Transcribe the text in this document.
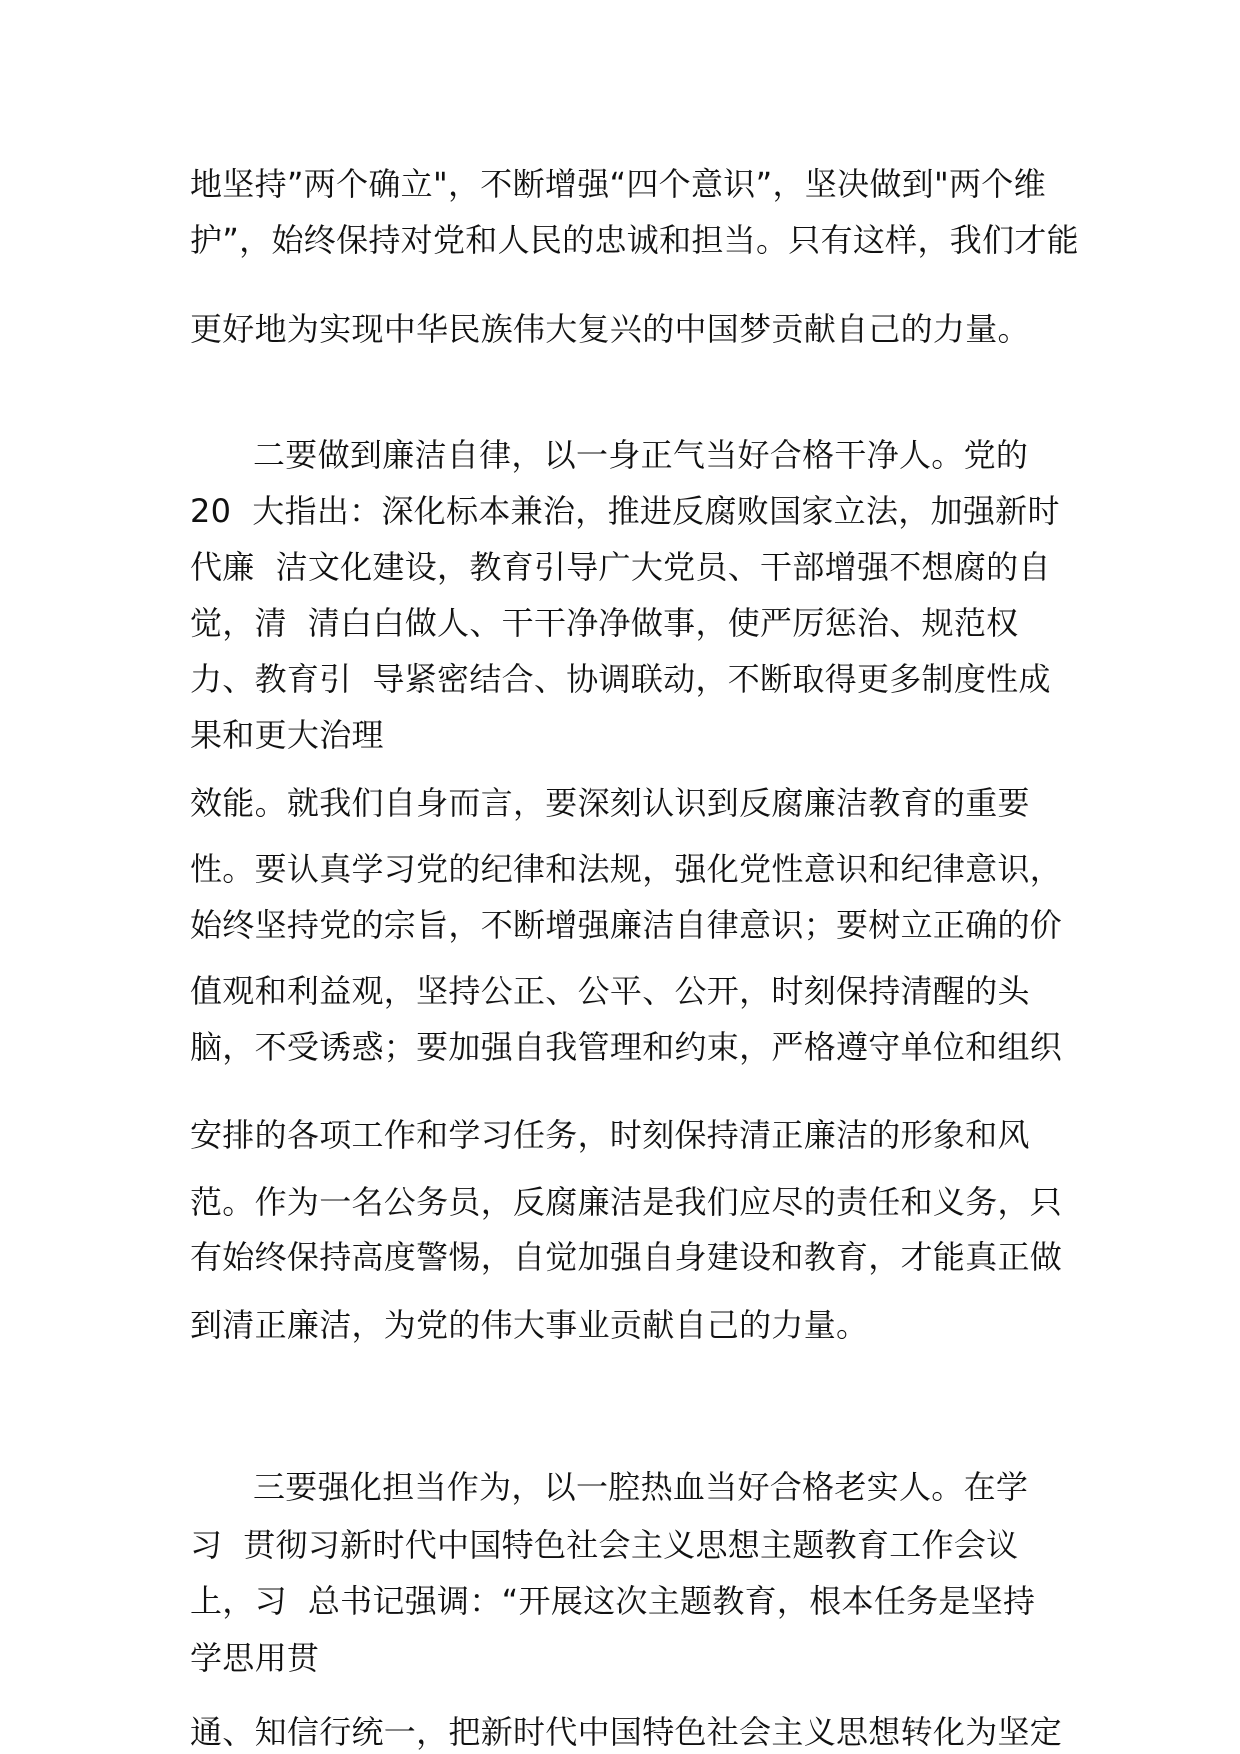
地坚持”两个确立"，不断增强“四个意识”，坚决做到"两个维
护”，始终保持对党和人民的忠诚和担当。只有这样，我们才能
更好地为实现中华民族伟大复兴的中国梦贡献自己的力量。
二要做到廉洁自律，以一身正气当好合格干净人。党的
20  大指出：深化标本兼治，推进反腐败国家立法，加强新时
代廉  洁文化建设，教育引导广大党员、干部增强不想腐的自
觉，清  清白白做人、干干净净做事，使严厉惩治、规范权
力、教育引  导紧密结合、协调联动，不断取得更多制度性成
果和更大治理
效能。就我们自身而言，要深刻认识到反腐廉洁教育的重要
性。要认真学习党的纪律和法规，强化党性意识和纪律意识，
始终坚持党的宗旨，不断增强廉洁自律意识；要树立正确的价
值观和利益观，坚持公正、公平、公开，时刻保持清醒的头
脑，不受诱惑；要加强自我管理和约束，严格遵守单位和组织
安排的各项工作和学习任务，时刻保持清正廉洁的形象和风
范。作为一名公务员，反腐廉洁是我们应尽的责任和义务，只
有始终保持高度警惕，自觉加强自身建设和教育，才能真正做
到清正廉洁，为党的伟大事业贡献自己的力量。
三要强化担当作为，以一腔热血当好合格老实人。在学
习  贯彻习新时代中国特色社会主义思想主题教育工作会议
上，习  总书记强调：“开展这次主题教育，根本任务是坚持
学思用贯
通、知信行统一，把新时代中国特色社会主义思想转化为坚定
